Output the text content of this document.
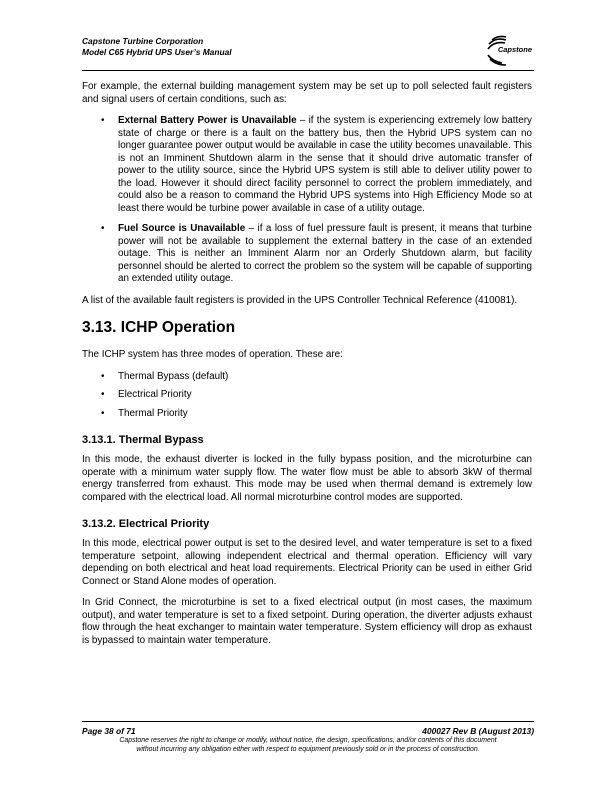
Capstone Turbine Corporation
Model C65 Hybrid UPS User’s Manual	Capstone

For example, the external building management system may be set up to poll selected fault registers and signal users of certain conditions, such as:

• External Battery Power is Unavailable – if the system is experiencing extremely low battery state of charge or there is a fault on the battery bus, then the Hybrid UPS system can no longer guarantee power output would be available in case the utility becomes unavailable. This is not an Imminent Shutdown alarm in the sense that it should drive automatic transfer of power to the utility source, since the Hybrid UPS system is still able to deliver utility power to the load. However it should direct facility personnel to correct the problem immediately, and could also be a reason to command the Hybrid UPS systems into High Efficiency Mode so at least there would be turbine power available in case of a utility outage.
• Fuel Source is Unavailable – if a loss of fuel pressure fault is present, it means that turbine power will not be available to supplement the external battery in the case of an extended outage. This is neither an Imminent Alarm nor an Orderly Shutdown alarm, but facility personnel should be alerted to correct the problem so the system will be capable of supporting an extended utility outage.

A list of the available fault registers is provided in the UPS Controller Technical Reference (410081).

3.13. ICHP Operation

The ICHP system has three modes of operation. These are:

• Thermal Bypass (default)
• Electrical Priority
• Thermal Priority
3.13.1. Thermal Bypass

In this mode, the exhaust diverter is locked in the fully bypass position, and the microturbine can operate with a minimum water supply flow. The water flow must be able to absorb 3kW of thermal energy transferred from exhaust. This mode may be used when thermal demand is extremely low compared with the electrical load. All normal microturbine control modes are supported.

3.13.2. Electrical Priority

In this mode, electrical power output is set to the desired level, and water temperature is set to a fixed temperature setpoint, allowing independent electrical and thermal operation. Efficiency will vary depending on both electrical and heat load requirements. Electrical Priority can be used in either Grid Connect or Stand Alone modes of operation.

In Grid Connect, the microturbine is set to a fixed electrical output (in most cases, the maximum output), and water temperature is set to a fixed setpoint. During operation, the diverter adjusts exhaust flow through the heat exchanger to maintain water temperature. System efficiency will drop as exhaust is bypassed to maintain water temperature.

Page 38 of 71	400027 Rev B (August 2013)
Capstone reserves the right to change or modify, without notice, the design, specifications, and/or contents of this document
without incurring any obligation either with respect to equipment previously sold or in the process of construction.
